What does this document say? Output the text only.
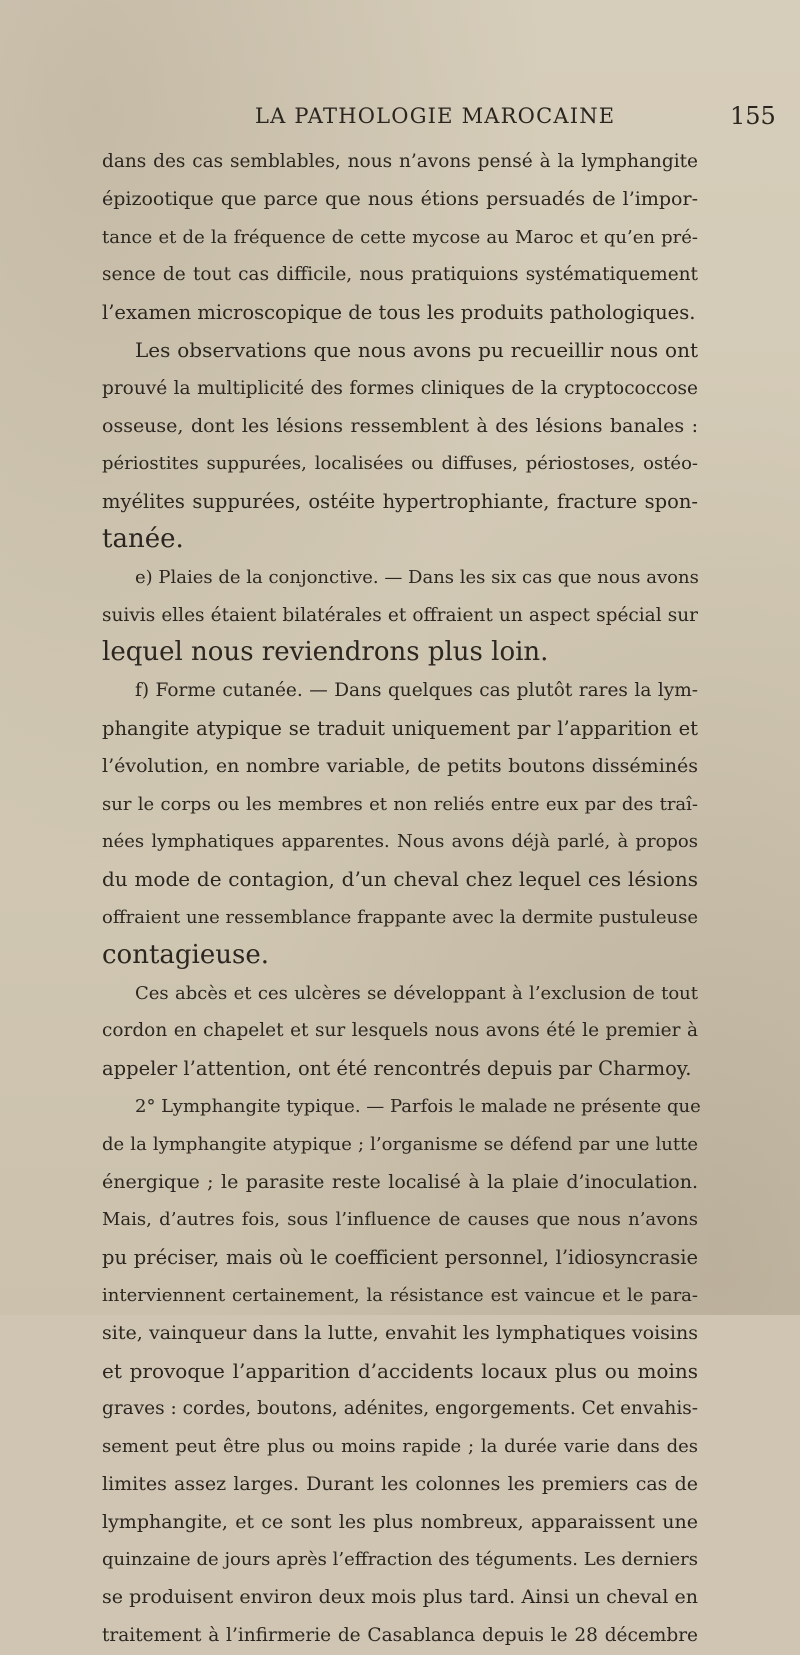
LA PATHOLOGIE MAROCAINE	155
dans des cas semblables, nous n’avons pensé à la lymphangite
épizootique que parce que nous étions persuadés de l’impor-
tance et de la fréquence de cette mycose au Maroc et qu’en pré-
sence de tout cas difficile, nous pratiquions systématiquement
l’examen microscopique de tous les produits pathologiques.
Les observations que nous avons pu recueillir nous ont
prouvé la multiplicité des formes cliniques de la cryptococcose
osseuse, dont les lésions ressemblent à des lésions banales :
périostites suppurées, localisées ou diffuses, périostoses, ostéo-
myélites suppurées, ostéite hypertrophiante, fracture spon-
tanée.
e) Plaies de la conjonctive. — Dans les six cas que nous avons
suivis elles étaient bilatérales et offraient un aspect spécial sur
lequel nous reviendrons plus loin.
f) Forme cutanée. — Dans quelques cas plutôt rares la lym-
phangite atypique se traduit uniquement par l’apparition et
l’évolution, en nombre variable, de petits boutons disséminés
sur le corps ou les membres et non reliés entre eux par des traî-
nées lymphatiques apparentes. Nous avons déjà parlé, à propos
du mode de contagion, d’un cheval chez lequel ces lésions
offraient une ressemblance frappante avec la dermite pustuleuse
contagieuse.
Ces abcès et ces ulcères se développant à l’exclusion de tout
cordon en chapelet et sur lesquels nous avons été le premier à
appeler l’attention, ont été rencontrés depuis par Charmoy.
2° Lymphangite typique. — Parfois le malade ne présente que
de la lymphangite atypique ; l’organisme se défend par une lutte
énergique ; le parasite reste localisé à la plaie d’inoculation.
Mais, d’autres fois, sous l’influence de causes que nous n’avons
pu préciser, mais où le coefficient personnel, l’idiosyncrasie
interviennent certainement, la résistance est vaincue et le para-
site, vainqueur dans la lutte, envahit les lymphatiques voisins
et provoque l’apparition d’accidents locaux plus ou moins
graves : cordes, boutons, adénites, engorgements. Cet envahis-
sement peut être plus ou moins rapide ; la durée varie dans des
limites assez larges. Durant les colonnes les premiers cas de
lymphangite, et ce sont les plus nombreux, apparaissent une
quinzaine de jours après l’effraction des téguments. Les derniers
se produisent environ deux mois plus tard. Ainsi un cheval en
traitement à l’infirmerie de Casablanca depuis le 28 décembre
